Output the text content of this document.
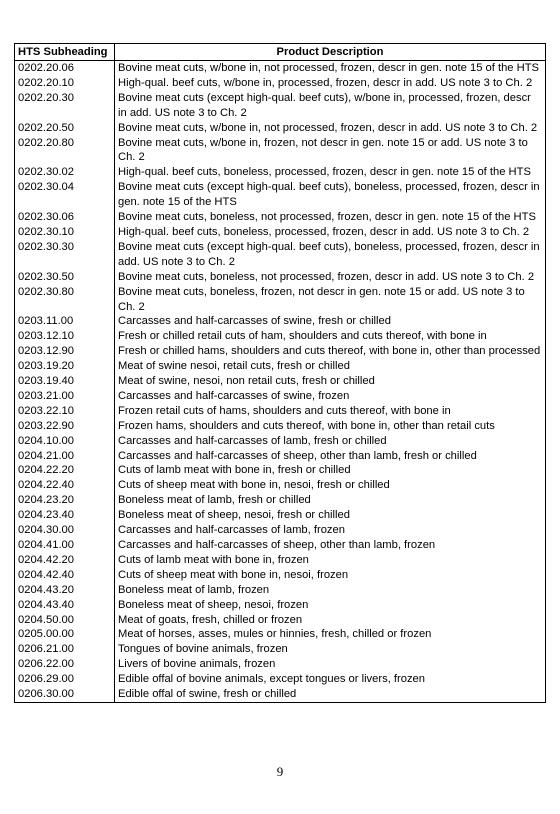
HTS Subheading	Product Description
0202.20.06	Bovine meat cuts, w/bone in, not processed, frozen, descr in gen. note 15 of the HTS
0202.20.10	High-qual. beef cuts, w/bone in, processed, frozen, descr in add. US note 3 to Ch. 2
0202.20.30	Bovine meat cuts (except high-qual. beef cuts), w/bone in, processed, frozen, descr in add. US note 3 to Ch. 2
0202.20.50	Bovine meat cuts, w/bone in, not processed, frozen, descr in add. US note 3 to Ch. 2
0202.20.80	Bovine meat cuts, w/bone in, frozen, not descr in gen. note 15 or add. US note 3 to Ch. 2
0202.30.02	High-qual. beef cuts, boneless, processed, frozen, descr in gen. note 15 of the HTS
0202.30.04	Bovine meat cuts (except high-qual. beef cuts), boneless, processed, frozen, descr in gen. note 15 of the HTS
0202.30.06	Bovine meat cuts, boneless, not processed, frozen, descr in gen. note 15 of the HTS
0202.30.10	High-qual. beef cuts, boneless, processed, frozen, descr in add. US note 3 to Ch. 2
0202.30.30	Bovine meat cuts (except high-qual. beef cuts), boneless, processed, frozen, descr in add. US note 3 to Ch. 2
0202.30.50	Bovine meat cuts, boneless, not processed, frozen, descr in add. US note 3 to Ch. 2
0202.30.80	Bovine meat cuts, boneless, frozen, not descr in gen. note 15 or add. US note 3 to Ch. 2
0203.11.00	Carcasses and half-carcasses of swine, fresh or chilled
0203.12.10	Fresh or chilled retail cuts of ham, shoulders and cuts thereof, with bone in
0203.12.90	Fresh or chilled hams, shoulders and cuts thereof, with bone in, other than processed
0203.19.20	Meat of swine nesoi, retail cuts, fresh or chilled
0203.19.40	Meat of swine, nesoi, non retail cuts, fresh or chilled
0203.21.00	Carcasses and half-carcasses of swine, frozen
0203.22.10	Frozen retail cuts of hams, shoulders and cuts thereof, with bone in
0203.22.90	Frozen hams, shoulders and cuts thereof, with bone in, other than retail cuts
0204.10.00	Carcasses and half-carcasses of lamb, fresh or chilled
0204.21.00	Carcasses and half-carcasses of sheep, other than lamb, fresh or chilled
0204.22.20	Cuts of lamb meat with bone in, fresh or chilled
0204.22.40	Cuts of sheep meat with bone in, nesoi, fresh or chilled
0204.23.20	Boneless meat of lamb, fresh or chilled
0204.23.40	Boneless meat of sheep, nesoi, fresh or chilled
0204.30.00	Carcasses and half-carcasses of lamb, frozen
0204.41.00	Carcasses and half-carcasses of sheep, other than lamb, frozen
0204.42.20	Cuts of lamb meat with bone in, frozen
0204.42.40	Cuts of sheep meat with bone in, nesoi, frozen
0204.43.20	Boneless meat of lamb, frozen
0204.43.40	Boneless meat of sheep, nesoi, frozen
0204.50.00	Meat of goats, fresh, chilled or frozen
0205.00.00	Meat of horses, asses, mules or hinnies, fresh, chilled or frozen
0206.21.00	Tongues of bovine animals, frozen
0206.22.00	Livers of bovine animals, frozen
0206.29.00	Edible offal of bovine animals, except tongues or livers, frozen
0206.30.00	Edible offal of swine, fresh or chilled
9
